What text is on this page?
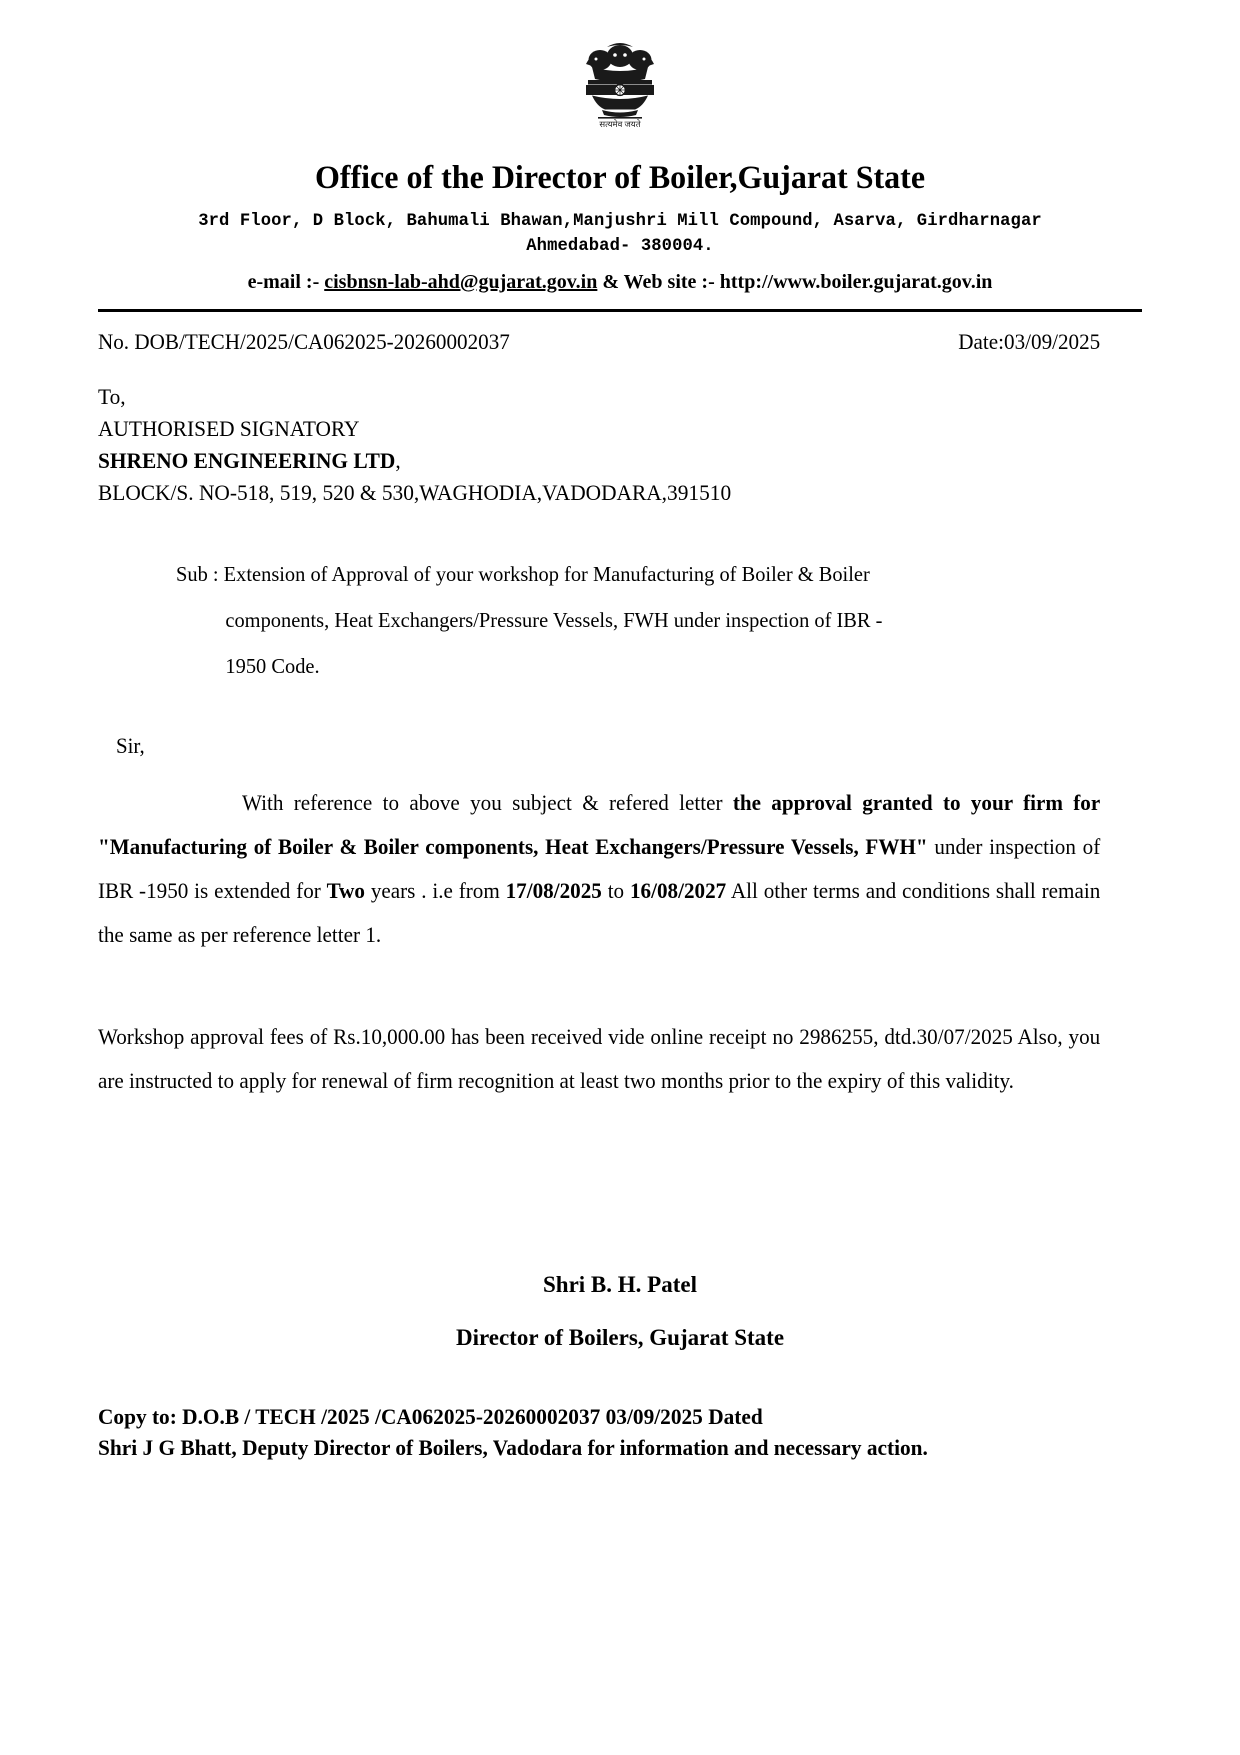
सत्यमेव जयते
Office of the Director of Boiler,Gujarat State
3rd Floor, D Block, Bahumali Bhawan,Manjushri Mill Compound, Asarva, Girdharnagar
Ahmedabad- 380004.
e-mail :- cisbnsn-lab-ahd@gujarat.gov.in & Web site :- http://www.boiler.gujarat.gov.in
No. DOB/TECH/2025/CA062025-20260002037	Date:03/09/2025
To,
AUTHORISED SIGNATORY
SHRENO ENGINEERING LTD,
BLOCK/S. NO-518, 519, 520 & 530,WAGHODIA,VADODARA,391510
Sub : Extension of Approval of your workshop for Manufacturing of Boiler & Boiler
components, Heat Exchangers/Pressure Vessels, FWH under inspection of IBR -
1950 Code.
Sir,
With reference to above you subject & refered letter the approval granted to your firm for "Manufacturing of Boiler & Boiler components, Heat Exchangers/Pressure Vessels, FWH" under inspection of IBR -1950 is extended for Two years . i.e from 17/08/2025 to 16/08/2027 All other terms and conditions shall remain the same as per reference letter 1.
Workshop approval fees of Rs.10,000.00 has been received vide online receipt no 2986255, dtd.30/07/2025 Also, you are instructed to apply for renewal of firm recognition at least two months prior to the expiry of this validity.
Shri B. H. Patel
Director of Boilers, Gujarat State
Copy to: D.O.B / TECH /2025 /CA062025-20260002037 03/09/2025 Dated
Shri J G Bhatt, Deputy Director of Boilers, Vadodara for information and necessary action.
